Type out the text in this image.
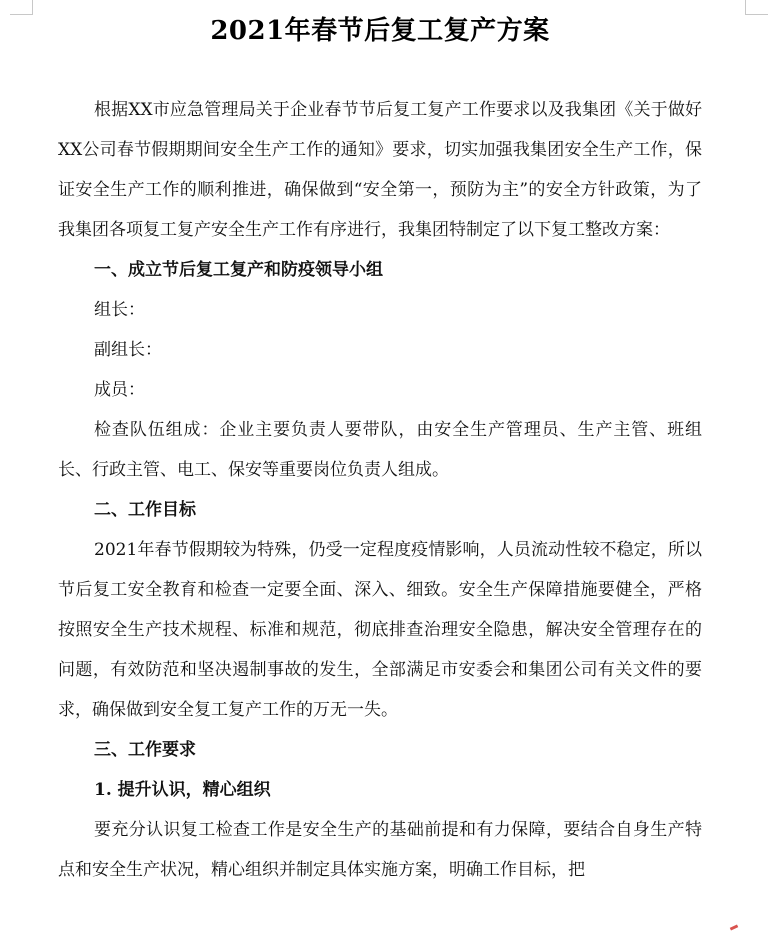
2021年春节后复工复产方案

根据XX市应急管理局关于企业春节节后复工复产工作要求以及我集团《关于做好XX公司春节假期期间安全生产工作的通知》要求，切实加强我集团安全生产工作，保证安全生产工作的顺利推进，确保做到“安全第一，预防为主”的安全方针政策，为了我集团各项复工复产安全生产工作有序进行，我集团特制定了以下复工整改方案：

一、成立节后复工复产和防疫领导小组

组长：

副组长：

成员：

检查队伍组成：企业主要负责人要带队，由安全生产管理员、生产主管、班组长、行政主管、电工、保安等重要岗位负责人组成。

二、工作目标

2021年春节假期较为特殊，仍受一定程度疫情影响，人员流动性较不稳定，所以节后复工安全教育和检查一定要全面、深入、细致。安全生产保障措施要健全，严格按照安全生产技术规程、标准和规范，彻底排查治理安全隐患，解决安全管理存在的问题，有效防范和坚决遏制事故的发生，全部满足市安委会和集团公司有关文件的要求，确保做到安全复工复产工作的万无一失。

三、工作要求

1. 提升认识，精心组织

要充分认识复工检查工作是安全生产的基础前提和有力保障，要结合自身生产特点和安全生产状况，精心组织并制定具体实施方案，明确工作目标，把
